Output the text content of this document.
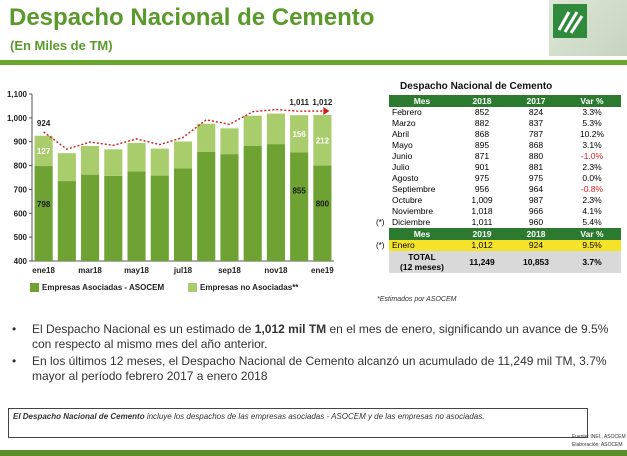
Despacho Nacional de Cemento
(En Miles de TM)
400
500
600
700
800
900
1,000
1,100
ene18	mar18	may18	jul18	sep18	nov18	ene19
924
1,011 1,012
798
855
800
127
156
212
Empresas Asociadas - ASOCEM	Empresas no Asociadas**
Despacho Nacional de Cemento
	Mes	2018	2017	Var %
	Febrero	852	824	3.3%
	Marzo	882	837	5.3%
	Abril	868	787	10.2%
	Mayo	895	868	3.1%
	Junio	871	880	-1.0%
	Julio	901	881	2.3%
	Agosto	975	975	0.0%
	Septiembre	956	964	-0.8%
	Octubre	1,009	987	2.3%
	Noviembre	1,018	966	4.1%
(*)	Diciembre	1,011	960	5.4%
	Mes	2019	2018	Var %
(*)	Enero	1,012	924	9.5%

	TOTAL
(12 meses)	11,249	10,853	3.7%
*Estimados por ASOCEM
• El Despacho Nacional es un estimado de 1,012 mil TM en el mes de enero, significando un avance de 9.5% con respecto al mismo mes del año anterior.
• En los últimos 12 meses, el Despacho Nacional de Cemento alcanzó un acumulado de 11,249 mil TM, 3.7% mayor al período febrero 2017 a enero 2018
El Despacho Nacional de Cemento incluye los despachos de las empresas asociadas - ASOCEM y de las empresas no asociadas.
Fuente: INEI., ASOCEM
Elaboración: ASOCEM
